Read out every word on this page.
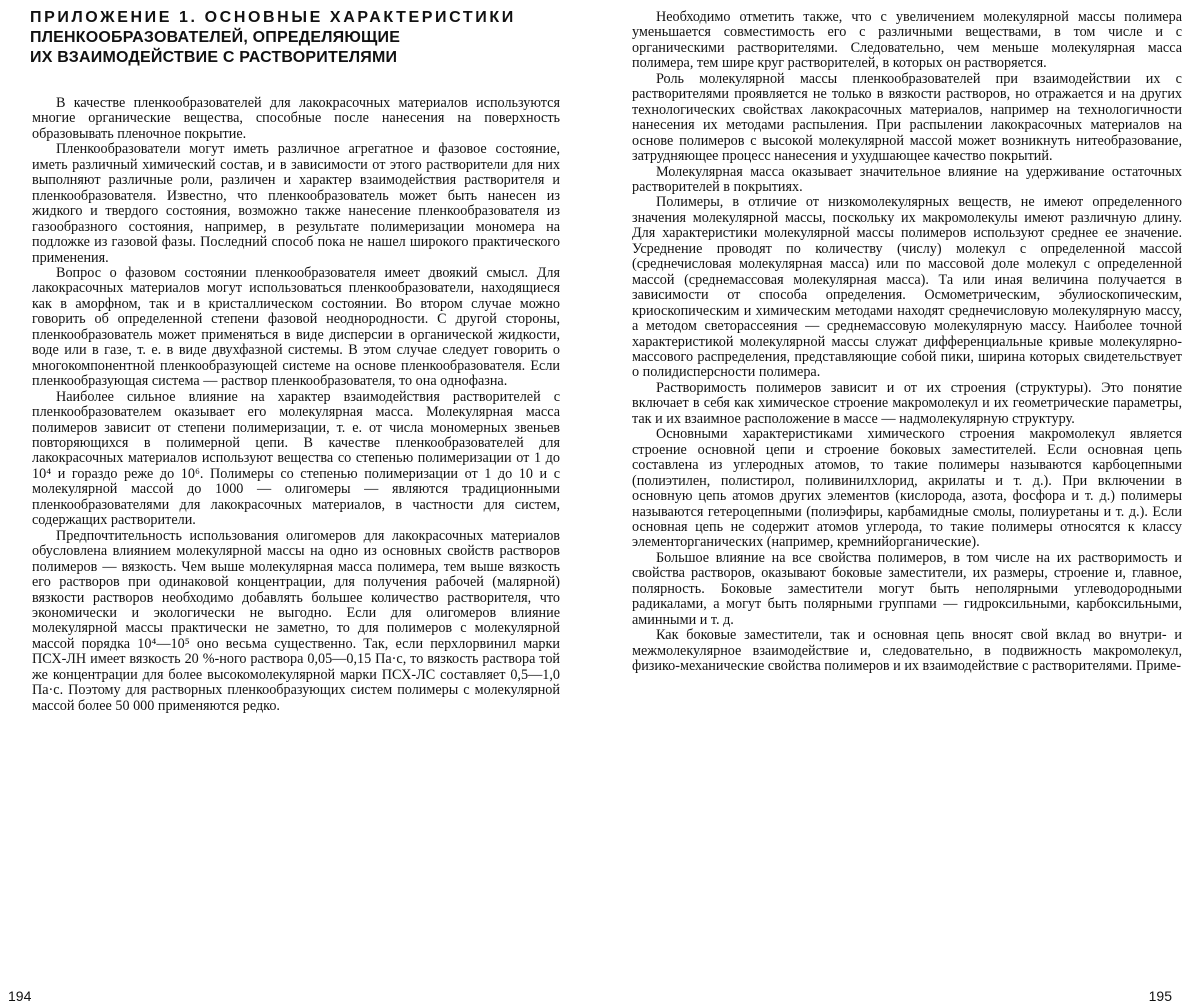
ПРИЛОЖЕНИЕ 1. ОСНОВНЫЕ ХАРАКТЕРИСТИКИ
ПЛЕНКООБРАЗОВАТЕЛЕЙ, ОПРЕДЕЛЯЮЩИЕ
ИХ ВЗАИМОДЕЙСТВИЕ С РАСТВОРИТЕЛЯМИ

В качестве пленкообразователей для лакокрасочных материалов используются многие органические вещества, способные после нанесения на поверхность образовывать пленочное покрытие.

Пленкообразователи могут иметь различное агрегатное и фазовое состояние, иметь различный химический состав, и в зависимости от этого растворители для них выполняют различные роли, различен и характер взаимодействия растворителя и пленкообразователя. Известно, что пленкообразователь может быть нанесен из жидкого и твердого состояния, возможно также нанесение пленкообразователя из газообразного состояния, например, в результате полимеризации мономера на подложке из газовой фазы. Последний способ пока не нашел широкого практического применения.

Вопрос о фазовом состоянии пленкообразователя имеет двоякий смысл. Для лакокрасочных материалов могут использоваться пленкообразователи, находящиеся как в аморфном, так и в кристаллическом состоянии. Во втором случае можно говорить об определенной степени фазовой неоднородности. С другой стороны, пленкообразователь может применяться в виде дисперсии в органической жидкости, воде или в газе, т. е. в виде двухфазной системы. В этом случае следует говорить о многокомпонентной пленкообразующей системе на основе пленкообразователя. Если пленкообразующая система — раствор пленкообразователя, то она однофазна.

Наиболее сильное влияние на характер взаимодействия растворителей с пленкообразователем оказывает его молекулярная масса. Молекулярная масса полимеров зависит от степени полимеризации, т. е. от числа мономерных звеньев повторяющихся в полимерной цепи. В качестве пленкообразователей для лакокрасочных материалов используют вещества со степенью полимеризации от 1 до 10⁴ и гораздо реже до 10⁶. Полимеры со степенью полимеризации от 1 до 10 и с молекулярной массой до 1000 — олигомеры — являются традиционными пленкообразователями для лакокрасочных материалов, в частности для систем, содержащих растворители.

Предпочтительность использования олигомеров для лакокрасочных материалов обусловлена влиянием молекулярной массы на одно из основных свойств растворов полимеров — вязкость. Чем выше молекулярная масса полимера, тем выше вязкость его растворов при одинаковой концентрации, для получения рабочей (малярной) вязкости растворов необходимо добавлять большее количество растворителя, что экономически и экологически не выгодно. Если для олигомеров влияние молекулярной массы практически не заметно, то для полимеров с молекулярной массой порядка 10⁴—10⁵ оно весьма существенно. Так, если перхлорвинил марки ПСХ-ЛН имеет вязкость 20 %-ного раствора 0,05—0,15 Па·с, то вязкость раствора той же концентрации для более высокомолекулярной марки ПСХ-ЛС составляет 0,5—1,0 Па·с. Поэтому для растворных пленкообразующих систем полимеры с молекулярной массой более 50 000 применяются редко.

194

Необходимо отметить также, что с увеличением молекулярной массы полимера уменьшается совместимость его с различными веществами, в том числе и с органическими растворителями. Следовательно, чем меньше молекулярная масса полимера, тем шире круг растворителей, в которых он растворяется.

Роль молекулярной массы пленкообразователей при взаимодействии их с растворителями проявляется не только в вязкости растворов, но отражается и на других технологических свойствах лакокрасочных материалов, например на технологичности нанесения их методами распыления. При распылении лакокрасочных материалов на основе полимеров с высокой молекулярной массой может возникнуть нитеобразование, затрудняющее процесс нанесения и ухудшающее качество покрытий.

Молекулярная масса оказывает значительное влияние на удерживание остаточных растворителей в покрытиях.

Полимеры, в отличие от низкомолекулярных веществ, не имеют определенного значения молекулярной массы, поскольку их макромолекулы имеют различную длину. Для характеристики молекулярной массы полимеров используют среднее ее значение. Усреднение проводят по количеству (числу) молекул с определенной массой (среднечисловая молекулярная масса) или по массовой доле молекул с определенной массой (среднемассовая молекулярная масса). Та или иная величина получается в зависимости от способа определения. Осмометрическим, эбулиоскопическим, криоскопическим и химическим методами находят среднечисловую молекулярную массу, а методом светорассеяния — среднемассовую молекулярную массу. Наиболее точной характеристикой молекулярной массы служат дифференциальные кривые молекулярно-массового распределения, представляющие собой пики, ширина которых свидетельствует о полидисперсности полимера.

Растворимость полимеров зависит и от их строения (структуры). Это понятие включает в себя как химическое строение макромолекул и их геометрические параметры, так и их взаимное расположение в массе — надмолекулярную структуру.

Основными характеристиками химического строения макромолекул является строение основной цепи и строение боковых заместителей. Если основная цепь составлена из углеродных атомов, то такие полимеры называются карбоцепными (полиэтилен, полистирол, поливинилхлорид, акрилаты и т. д.). При включении в основную цепь атомов других элементов (кислорода, азота, фосфора и т. д.) полимеры называются гетероцепными (полиэфиры, карбамидные смолы, полиуретаны и т. д.). Если основная цепь не содержит атомов углерода, то такие полимеры относятся к классу элементорганических (например, кремнийорганические).

Большое влияние на все свойства полимеров, в том числе на их растворимость и свойства растворов, оказывают боковые заместители, их размеры, строение и, главное, полярность. Боковые заместители могут быть неполярными углеводородными радикалами, а могут быть полярными группами — гидроксильными, карбоксильными, аминными и т. д.

Как боковые заместители, так и основная цепь вносят свой вклад во внутри- и межмолекулярное взаимодействие и, следовательно, в подвижность макромолекул, физико-механические свойства полимеров и их взаимодействие с растворителями. Приме-

195
